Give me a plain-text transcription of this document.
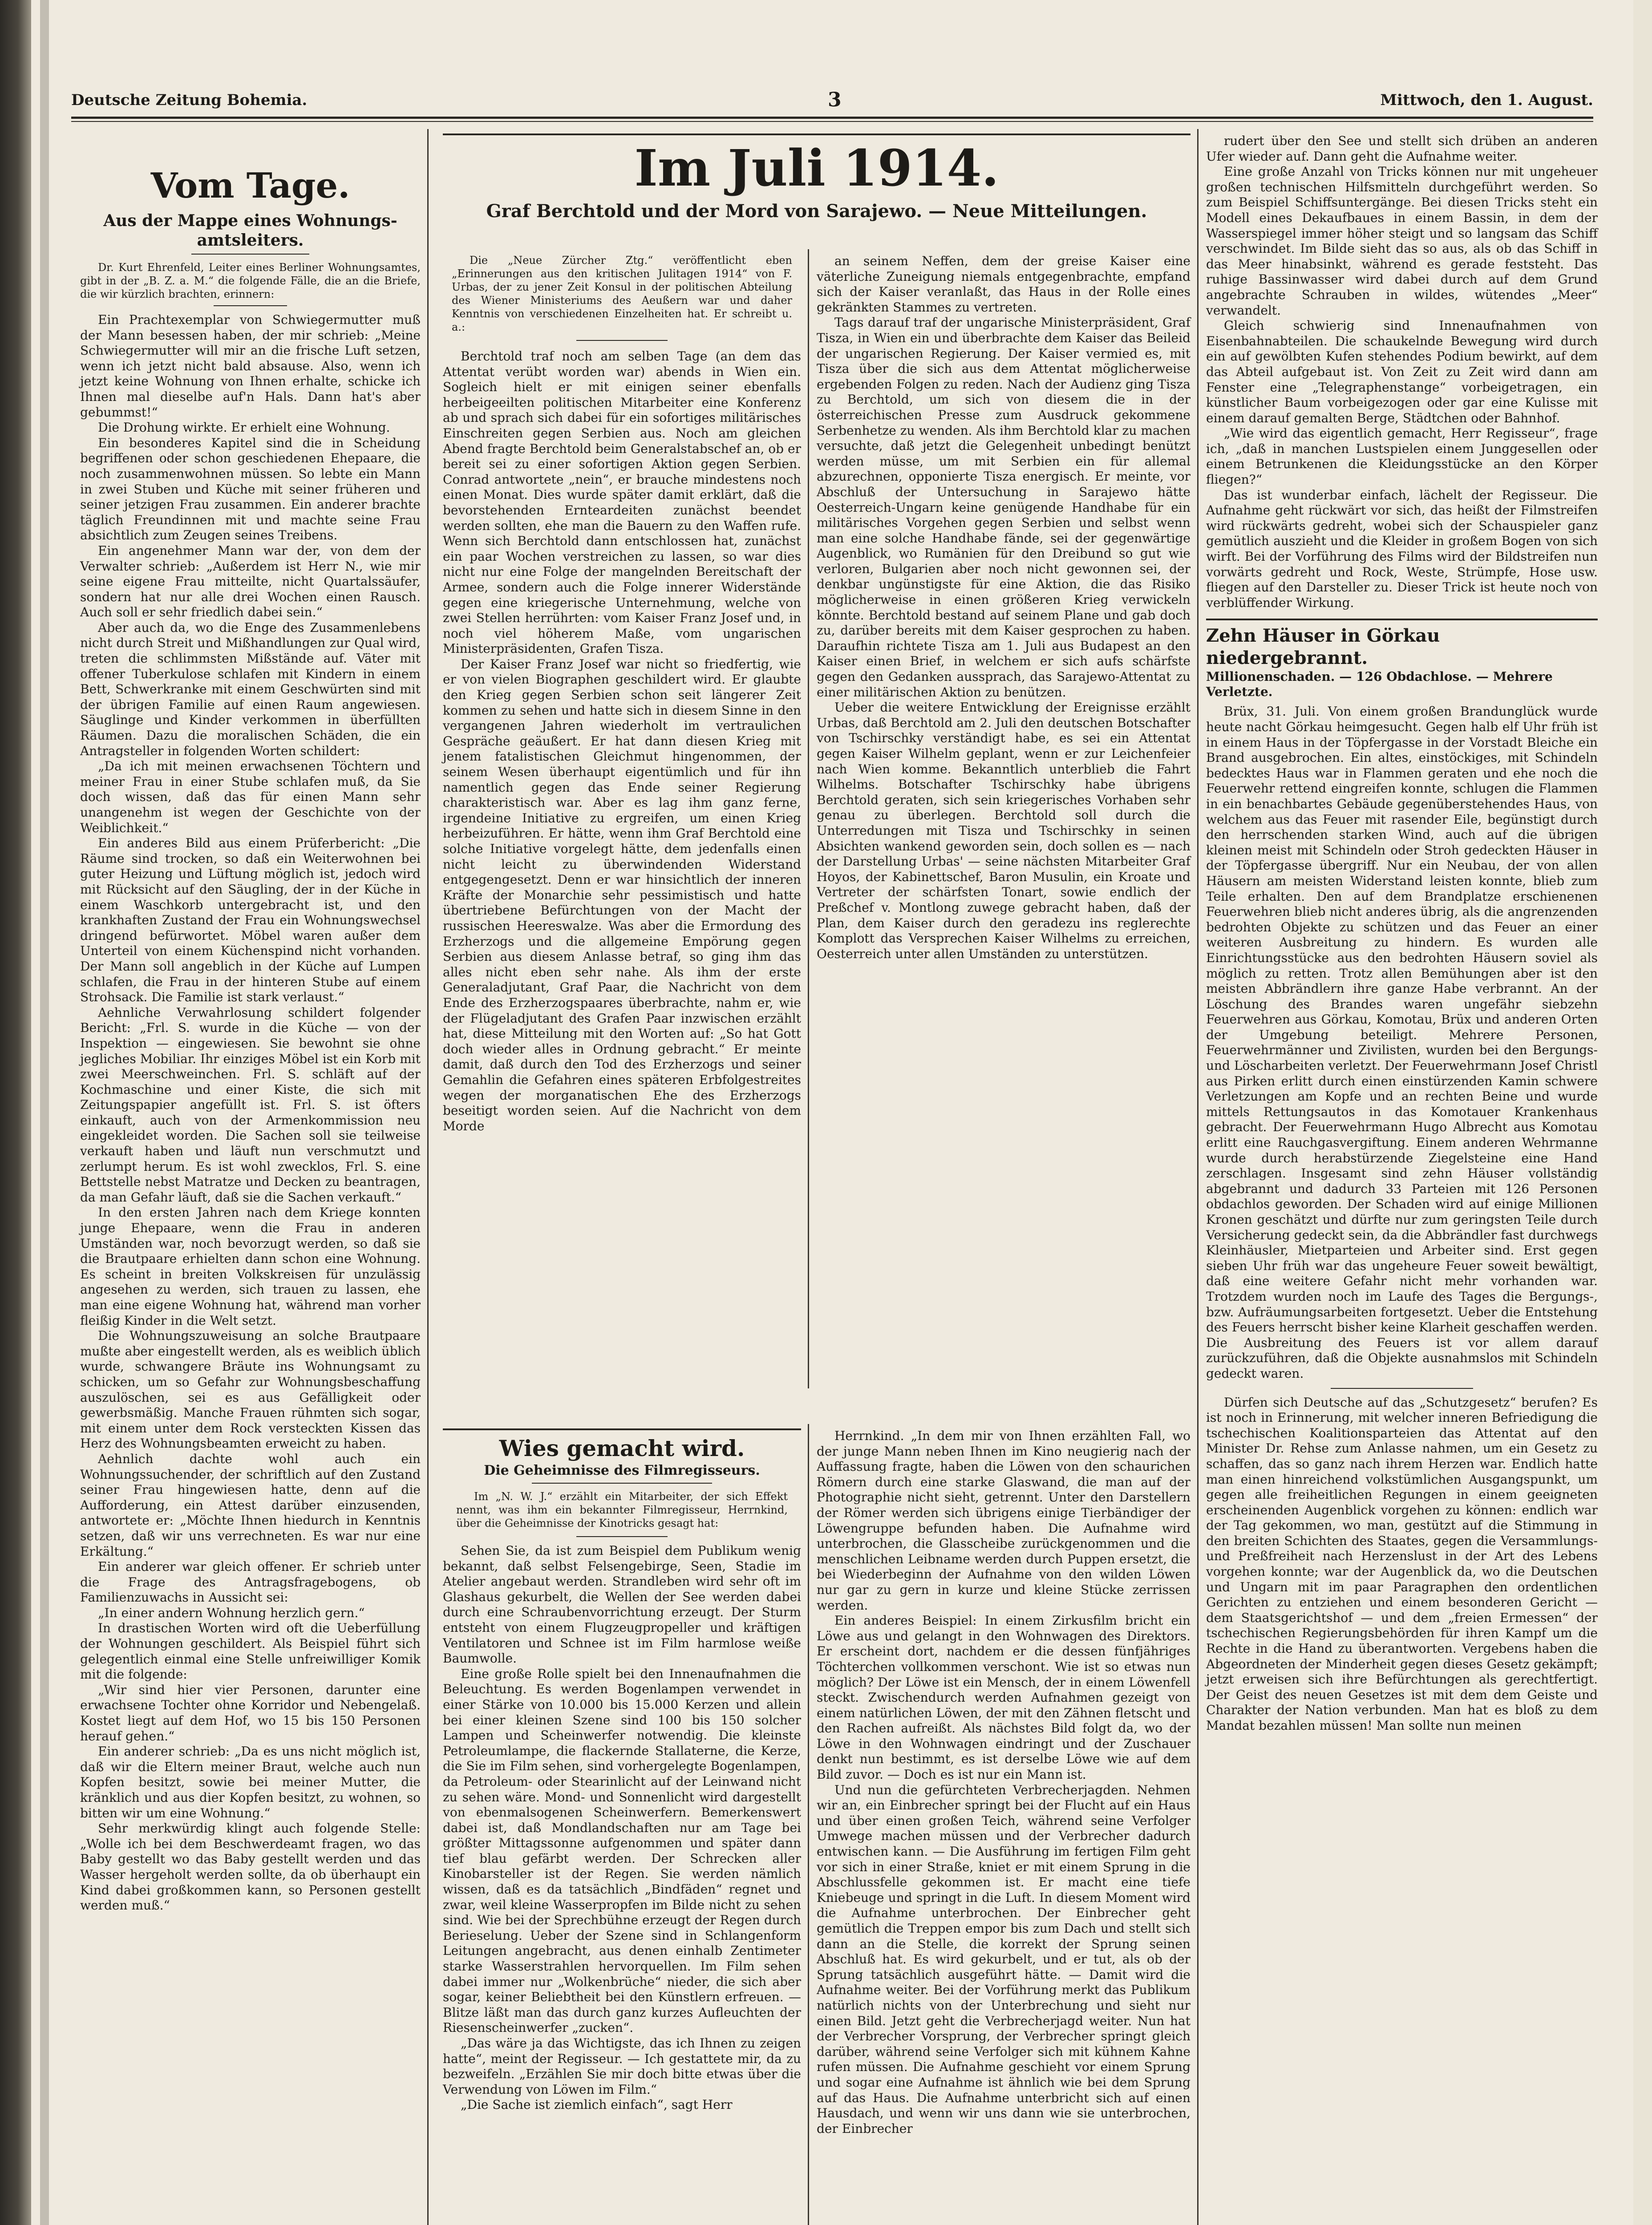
Deutsche Zeitung Bohemia.	3	Mittwoch, den 1. August.
Vom Tage.
Aus der Mappe eines Wohnungs- amtsleiters.

Dr. Kurt Ehrenfeld, Leiter eines Berliner Wohnungsamtes, gibt in der „B. Z. a. M.“ die folgende Fälle, die an die Briefe, die wir kürzlich brachten, erinnern:

Ein Prachtexemplar von Schwiegermutter muß der Mann besessen haben, der mir schrieb: „Meine Schwiegermutter will mir an die frische Luft setzen, wenn ich jetzt nicht bald absause. Also, wenn ich jetzt keine Wohnung von Ihnen erhalte, schicke ich Ihnen mal dieselbe auf'n Hals. Dann hat's aber gebummst!“

Die Drohung wirkte. Er erhielt eine Wohnung.

Ein besonderes Kapitel sind die in Scheidung begriffenen oder schon geschiedenen Ehepaare, die noch zusammenwohnen müssen. So lebte ein Mann in zwei Stuben und Küche mit seiner früheren und seiner jetzigen Frau zusammen. Ein anderer brachte täglich Freundinnen mit und machte seine Frau absichtlich zum Zeugen seines Treibens.

Ein angenehmer Mann war der, von dem der Verwalter schrieb: „Außerdem ist Herr N., wie mir seine eigene Frau mitteilte, nicht Quartalssäufer, sondern hat nur alle drei Wochen einen Rausch. Auch soll er sehr friedlich dabei sein.“

Aber auch da, wo die Enge des Zusammenlebens nicht durch Streit und Mißhandlungen zur Qual wird, treten die schlimmsten Mißstände auf. Väter mit offener Tuberkulose schlafen mit Kindern in einem Bett, Schwerkranke mit einem Geschwürten sind mit der übrigen Familie auf einen Raum angewiesen. Säuglinge und Kinder verkommen in überfüllten Räumen. Dazu die moralischen Schäden, die ein Antragsteller in folgenden Worten schildert:

„Da ich mit meinen erwachsenen Töchtern und meiner Frau in einer Stube schlafen muß, da Sie doch wissen, daß das für einen Mann sehr unangenehm ist wegen der Geschichte von der Weiblichkeit.“

Ein anderes Bild aus einem Prüferbericht: „Die Räume sind trocken, so daß ein Weiterwohnen bei guter Heizung und Lüftung möglich ist, jedoch wird mit Rücksicht auf den Säugling, der in der Küche in einem Waschkorb untergebracht ist, und den krankhaften Zustand der Frau ein Wohnungswechsel dringend befürwortet. Möbel waren außer dem Unterteil von einem Küchenspind nicht vorhanden. Der Mann soll angeblich in der Küche auf Lumpen schlafen, die Frau in der hinteren Stube auf einem Strohsack. Die Familie ist stark verlaust.“

Aehnliche Verwahrlosung schildert folgender Bericht: „Frl. S. wurde in die Küche — von der Inspektion — eingewiesen. Sie bewohnt sie ohne jegliches Mobiliar. Ihr einziges Möbel ist ein Korb mit zwei Meerschweinchen. Frl. S. schläft auf der Kochmaschine und einer Kiste, die sich mit Zeitungspapier angefüllt ist. Frl. S. ist öfters einkauft, auch von der Armenkommission neu eingekleidet worden. Die Sachen soll sie teilweise verkauft haben und läuft nun verschmutzt und zerlumpt herum. Es ist wohl zwecklos, Frl. S. eine Bettstelle nebst Matratze und Decken zu beantragen, da man Gefahr läuft, daß sie die Sachen verkauft.“

In den ersten Jahren nach dem Kriege konnten junge Ehepaare, wenn die Frau in anderen Umständen war, noch bevorzugt werden, so daß sie die Brautpaare erhielten dann schon eine Wohnung. Es scheint in breiten Volkskreisen für unzulässig angesehen zu werden, sich trauen zu lassen, ehe man eine eigene Wohnung hat, während man vorher fleißig Kinder in die Welt setzt.

Die Wohnungszuweisung an solche Brautpaare mußte aber eingestellt werden, als es weiblich üblich wurde, schwangere Bräute ins Wohnungsamt zu schicken, um so Gefahr zur Wohnungsbeschaffung auszulöschen, sei es aus Gefälligkeit oder gewerbsmäßig. Manche Frauen rühmten sich sogar, mit einem unter dem Rock versteckten Kissen das Herz des Wohnungsbeamten erweicht zu haben.

Aehnlich dachte wohl auch ein Wohnungssuchender, der schriftlich auf den Zustand seiner Frau hingewiesen hatte, denn auf die Aufforderung, ein Attest darüber einzusenden, antwortete er: „Möchte Ihnen hiedurch in Kenntnis setzen, daß wir uns verrechneten. Es war nur eine Erkältung.“

Ein anderer war gleich offener. Er schrieb unter die Frage des Antragsfragebogens, ob Familienzuwachs in Aussicht sei:

„In einer andern Wohnung herzlich gern.“

In drastischen Worten wird oft die Ueberfüllung der Wohnungen geschildert. Als Beispiel führt sich gelegentlich einmal eine Stelle unfreiwilliger Komik mit die folgende:

„Wir sind hier vier Personen, darunter eine erwachsene Tochter ohne Korridor und Nebengelaß. Kostet liegt auf dem Hof, wo 15 bis 150 Personen herauf gehen.“

Ein anderer schrieb: „Da es uns nicht möglich ist, daß wir die Eltern meiner Braut, welche auch nun Kopfen besitzt, sowie bei meiner Mutter, die kränklich und aus dier Kopfen besitzt, zu wohnen, so bitten wir um eine Wohnung.“

Sehr merkwürdig klingt auch folgende Stelle: „Wolle ich bei dem Beschwerdeamt fragen, wo das Baby gestellt wo das Baby gestellt werden und das Wasser hergeholt werden sollte, da ob überhaupt ein Kind dabei großkommen kann, so Personen gestellt werden muß.“

Im Juli 1914.
Graf Berchtold und der Mord von Sarajewo. — Neue Mitteilungen.

Die „Neue Zürcher Ztg.“ veröffentlicht eben „Erinnerungen aus den kritischen Julitagen 1914“ von F. Urbas, der zu jener Zeit Konsul in der politischen Abteilung des Wiener Ministeriums des Aeußern war und daher Kenntnis von verschiedenen Einzelheiten hat. Er schreibt u. a.:

Berchtold traf noch am selben Tage (an dem das Attentat verübt worden war) abends in Wien ein. Sogleich hielt er mit einigen seiner ebenfalls herbeigeeilten politischen Mitarbeiter eine Konferenz ab und sprach sich dabei für ein sofortiges militärisches Einschreiten gegen Serbien aus. Noch am gleichen Abend fragte Berchtold beim Generalstabschef an, ob er bereit sei zu einer sofortigen Aktion gegen Serbien. Conrad antwortete „nein“, er brauche mindestens noch einen Monat. Dies wurde später damit erklärt, daß die bevorstehenden Ernteardeiten zunächst beendet werden sollten, ehe man die Bauern zu den Waffen rufe. Wenn sich Berchtold dann entschlossen hat, zunächst ein paar Wochen verstreichen zu lassen, so war dies nicht nur eine Folge der mangelnden Bereitschaft der Armee, sondern auch die Folge innerer Widerstände gegen eine kriegerische Unternehmung, welche von zwei Stellen herrührten: vom Kaiser Franz Josef und, in noch viel höherem Maße, vom ungarischen Ministerpräsidenten, Grafen Tisza.

Der Kaiser Franz Josef war nicht so friedfertig, wie er von vielen Biographen geschildert wird. Er glaubte den Krieg gegen Serbien schon seit längerer Zeit kommen zu sehen und hatte sich in diesem Sinne in den vergangenen Jahren wiederholt im vertraulichen Gespräche geäußert. Er hat dann diesen Krieg mit jenem fatalistischen Gleichmut hingenommen, der seinem Wesen überhaupt eigentümlich und für ihn namentlich gegen das Ende seiner Regierung charakteristisch war. Aber es lag ihm ganz ferne, irgendeine Initiative zu ergreifen, um einen Krieg herbeizuführen. Er hätte, wenn ihm Graf Berchtold eine solche Initiative vorgelegt hätte, dem jedenfalls einen nicht leicht zu überwindenden Widerstand entgegengesetzt. Denn er war hinsichtlich der inneren Kräfte der Monarchie sehr pessimistisch und hatte übertriebene Befürchtungen von der Macht der russischen Heereswalze. Was aber die Ermordung des Erzherzogs und die allgemeine Empörung gegen Serbien aus diesem Anlasse betraf, so ging ihm das alles nicht eben sehr nahe. Als ihm der erste Generaladjutant, Graf Paar, die Nachricht von dem Ende des Erzherzogspaares überbrachte, nahm er, wie der Flügeladjutant des Grafen Paar inzwischen erzählt hat, diese Mitteilung mit den Worten auf: „So hat Gott doch wieder alles in Ordnung gebracht.“ Er meinte damit, daß durch den Tod des Erzherzogs und seiner Gemahlin die Gefahren eines späteren Erbfolgestreites wegen der morganatischen Ehe des Erzherzogs beseitigt worden seien. Auf die Nachricht von dem Morde

an seinem Neffen, dem der greise Kaiser eine väterliche Zuneigung niemals entgegenbrachte, empfand sich der Kaiser veranlaßt, das Haus in der Rolle eines gekränkten Stammes zu vertreten.

Tags darauf traf der ungarische Ministerpräsident, Graf Tisza, in Wien ein und überbrachte dem Kaiser das Beileid der ungarischen Regierung. Der Kaiser vermied es, mit Tisza über die sich aus dem Attentat möglicherweise ergebenden Folgen zu reden. Nach der Audienz ging Tisza zu Berchtold, um sich von diesem die in der österreichischen Presse zum Ausdruck gekommene Serbenhetze zu wenden. Als ihm Berchtold klar zu machen versuchte, daß jetzt die Gelegenheit unbedingt benützt werden müsse, um mit Serbien ein für allemal abzurechnen, opponierte Tisza energisch. Er meinte, vor Abschluß der Untersuchung in Sarajewo hätte Oesterreich-Ungarn keine genügende Handhabe für ein militärisches Vorgehen gegen Serbien und selbst wenn man eine solche Handhabe fände, sei der gegenwärtige Augenblick, wo Rumänien für den Dreibund so gut wie verloren, Bulgarien aber noch nicht gewonnen sei, der denkbar ungünstigste für eine Aktion, die das Risiko möglicherweise in einen größeren Krieg verwickeln könnte. Berchtold bestand auf seinem Plane und gab doch zu, darüber bereits mit dem Kaiser gesprochen zu haben. Daraufhin richtete Tisza am 1. Juli aus Budapest an den Kaiser einen Brief, in welchem er sich aufs schärfste gegen den Gedanken aussprach, das Sarajewo-Attentat zu einer militärischen Aktion zu benützen.

Ueber die weitere Entwicklung der Ereignisse erzählt Urbas, daß Berchtold am 2. Juli den deutschen Botschafter von Tschirschky verständigt habe, es sei ein Attentat gegen Kaiser Wilhelm geplant, wenn er zur Leichenfeier nach Wien komme. Bekanntlich unterblieb die Fahrt Wilhelms. Botschafter Tschirschky habe übrigens Berchtold geraten, sich sein kriegerisches Vorhaben sehr genau zu überlegen. Berchtold soll durch die Unterredungen mit Tisza und Tschirschky in seinen Absichten wankend geworden sein, doch sollen es — nach der Darstellung Urbas' — seine nächsten Mitarbeiter Graf Hoyos, der Kabinettschef, Baron Musulin, ein Kroate und Vertreter der schärfsten Tonart, sowie endlich der Preßchef v. Montlong zuwege gebracht haben, daß der Plan, dem Kaiser durch den geradezu ins reglerechte Komplott das Versprechen Kaiser Wilhelms zu erreichen, Oesterreich unter allen Umständen zu unterstützen.

Wies gemacht wird.
Die Geheimnisse des Filmregisseurs.

Im „N. W. J.“ erzählt ein Mitarbeiter, der sich Effekt nennt, was ihm ein bekannter Filmregisseur, Herrnkind, über die Geheimnisse der Kinotricks gesagt hat:

Sehen Sie, da ist zum Beispiel dem Publikum wenig bekannt, daß selbst Felsengebirge, Seen, Stadie im Atelier angebaut werden. Strandleben wird sehr oft im Glashaus gekurbelt, die Wellen der See werden dabei durch eine Schraubenvorrichtung erzeugt. Der Sturm entsteht von einem Flugzeugpropeller und kräftigen Ventilatoren und Schnee ist im Film harmlose weiße Baumwolle.

Eine große Rolle spielt bei den Innenaufnahmen die Beleuchtung. Es werden Bogenlampen verwendet in einer Stärke von 10.000 bis 15.000 Kerzen und allein bei einer kleinen Szene sind 100 bis 150 solcher Lampen und Scheinwerfer notwendig. Die kleinste Petroleumlampe, die flackernde Stallaterne, die Kerze, die Sie im Film sehen, sind vorhergelegte Bogenlampen, da Petroleum- oder Stearinlicht auf der Leinwand nicht zu sehen wäre. Mond- und Sonnenlicht wird dargestellt von ebenmalsogenen Scheinwerfern. Bemerkenswert dabei ist, daß Mondlandschaften nur am Tage bei größter Mittagssonne aufgenommen und später dann tief blau gefärbt werden. Der Schrecken aller Kinobarsteller ist der Regen. Sie werden nämlich wissen, daß es da tatsächlich „Bindfäden“ regnet und zwar, weil kleine Wasserpropfen im Bilde nicht zu sehen sind. Wie bei der Sprechbühne erzeugt der Regen durch Berieselung. Ueber der Szene sind in Schlangenform Leitungen angebracht, aus denen einhalb Zentimeter starke Wasserstrahlen hervorquellen. Im Film sehen dabei immer nur „Wolkenbrüche“ nieder, die sich aber sogar, keiner Beliebtheit bei den Künstlern erfreuen. — Blitze läßt man das durch ganz kurzes Aufleuchten der Riesenscheinwerfer „zucken“.

„Das wäre ja das Wichtigste, das ich Ihnen zu zeigen hatte“, meint der Regisseur. — Ich gestattete mir, da zu bezweifeln. „Erzählen Sie mir doch bitte etwas über die Verwendung von Löwen im Film.“

„Die Sache ist ziemlich einfach“, sagt Herr

Herrnkind. „In dem mir von Ihnen erzählten Fall, wo der junge Mann neben Ihnen im Kino neugierig nach der Auffassung fragte, haben die Löwen von den schaurichen Römern durch eine starke Glaswand, die man auf der Photographie nicht sieht, getrennt. Unter den Darstellern der Römer werden sich übrigens einige Tierbändiger der Löwengruppe befunden haben. Die Aufnahme wird unterbrochen, die Glasscheibe zurückgenommen und die menschlichen Leibname werden durch Puppen ersetzt, die bei Wiederbeginn der Aufnahme von den wilden Löwen nur gar zu gern in kurze und kleine Stücke zerrissen werden.

Ein anderes Beispiel: In einem Zirkusfilm bricht ein Löwe aus und gelangt in den Wohnwagen des Direktors. Er erscheint dort, nachdem er die dessen fünfjähriges Töchterchen vollkommen verschont. Wie ist so etwas nun möglich? Der Löwe ist ein Mensch, der in einem Löwenfell steckt. Zwischendurch werden Aufnahmen gezeigt von einem natürlichen Löwen, der mit den Zähnen fletscht und den Rachen aufreißt. Als nächstes Bild folgt da, wo der Löwe in den Wohnwagen eindringt und der Zuschauer denkt nun bestimmt, es ist derselbe Löwe wie auf dem Bild zuvor. — Doch es ist nur ein Mann ist.

Und nun die gefürchteten Verbrecherjagden. Nehmen wir an, ein Einbrecher springt bei der Flucht auf ein Haus und über einen großen Teich, während seine Verfolger Umwege machen müssen und der Verbrecher dadurch entwischen kann. — Die Ausführung im fertigen Film geht vor sich in einer Straße, kniet er mit einem Sprung in die Abschlussfelle gekommen ist. Er macht eine tiefe Kniebeuge und springt in die Luft. In diesem Moment wird die Aufnahme unterbrochen. Der Einbrecher geht gemütlich die Treppen empor bis zum Dach und stellt sich dann an die Stelle, die korrekt der Sprung seinen Abschluß hat. Es wird gekurbelt, und er tut, als ob der Sprung tatsächlich ausgeführt hätte. — Damit wird die Aufnahme weiter. Bei der Vorführung merkt das Publikum natürlich nichts von der Unterbrechung und sieht nur einen Bild. Jetzt geht die Verbrecherjagd weiter. Nun hat der Verbrecher Vorsprung, der Verbrecher springt gleich darüber, während seine Verfolger sich mit kühnem Kahne rufen müssen. Die Aufnahme geschieht vor einem Sprung und sogar eine Aufnahme ist ähnlich wie bei dem Sprung auf das Haus. Die Aufnahme unterbricht sich auf einen Hausdach, und wenn wir uns dann wie sie unterbrochen, der Einbrecher

rudert über den See und stellt sich drüben an anderen Ufer wieder auf. Dann geht die Aufnahme weiter.

Eine große Anzahl von Tricks können nur mit ungeheuer großen technischen Hilfsmitteln durchgeführt werden. So zum Beispiel Schiffsuntergänge. Bei diesen Tricks steht ein Modell eines Dekaufbaues in einem Bassin, in dem der Wasserspiegel immer höher steigt und so langsam das Schiff verschwindet. Im Bilde sieht das so aus, als ob das Schiff in das Meer hinabsinkt, während es gerade feststeht. Das ruhige Bassinwasser wird dabei durch auf dem Grund angebrachte Schrauben in wildes, wütendes „Meer“ verwandelt.

Gleich schwierig sind Innenaufnahmen von Eisenbahnabteilen. Die schaukelnde Bewegung wird durch ein auf gewölbten Kufen stehendes Podium bewirkt, auf dem das Abteil aufgebaut ist. Von Zeit zu Zeit wird dann am Fenster eine „Telegraphenstange“ vorbeigetragen, ein künstlicher Baum vorbeigezogen oder gar eine Kulisse mit einem darauf gemalten Berge, Städtchen oder Bahnhof.

„Wie wird das eigentlich gemacht, Herr Regisseur“, frage ich, „daß in manchen Lustspielen einem Junggesellen oder einem Betrunkenen die Kleidungsstücke an den Körper fliegen?“

Das ist wunderbar einfach, lächelt der Regisseur. Die Aufnahme geht rückwärt vor sich, das heißt der Filmstreifen wird rückwärts gedreht, wobei sich der Schauspieler ganz gemütlich auszieht und die Kleider in großem Bogen von sich wirft. Bei der Vorführung des Films wird der Bildstreifen nun vorwärts gedreht und Rock, Weste, Strümpfe, Hose usw. fliegen auf den Darsteller zu. Dieser Trick ist heute noch von verblüffender Wirkung.

Zehn Häuser in Görkau niedergebrannt.
Millionenschaden. — 126 Obdachlose. — Mehrere Verletzte.

Brüx, 31. Juli. Von einem großen Brandunglück wurde heute nacht Görkau heimgesucht. Gegen halb elf Uhr früh ist in einem Haus in der Töpfergasse in der Vorstadt Bleiche ein Brand ausgebrochen. Ein altes, einstöckiges, mit Schindeln bedecktes Haus war in Flammen geraten und ehe noch die Feuerwehr rettend eingreifen konnte, schlugen die Flammen in ein benachbartes Gebäude gegenüberstehendes Haus, von welchem aus das Feuer mit rasender Eile, begünstigt durch den herrschenden starken Wind, auch auf die übrigen kleinen meist mit Schindeln oder Stroh gedeckten Häuser in der Töpfergasse übergriff. Nur ein Neubau, der von allen Häusern am meisten Widerstand leisten konnte, blieb zum Teile erhalten. Den auf dem Brandplatze erschienenen Feuerwehren blieb nicht anderes übrig, als die angrenzenden bedrohten Objekte zu schützen und das Feuer an einer weiteren Ausbreitung zu hindern. Es wurden alle Einrichtungsstücke aus den bedrohten Häusern soviel als möglich zu retten. Trotz allen Bemühungen aber ist den meisten Abbrändlern ihre ganze Habe verbrannt. An der Löschung des Brandes waren ungefähr siebzehn Feuerwehren aus Görkau, Komotau, Brüx und anderen Orten der Umgebung beteiligt. Mehrere Personen, Feuerwehrmänner und Zivilisten, wurden bei den Bergungs- und Löscharbeiten verletzt. Der Feuerwehrmann Josef Christl aus Pirken erlitt durch einen einstürzenden Kamin schwere Verletzungen am Kopfe und an rechten Beine und wurde mittels Rettungsautos in das Komotauer Krankenhaus gebracht. Der Feuerwehrmann Hugo Albrecht aus Komotau erlitt eine Rauchgasvergiftung. Einem anderen Wehrmanne wurde durch herabstürzende Ziegelsteine eine Hand zerschlagen. Insgesamt sind zehn Häuser vollständig abgebrannt und dadurch 33 Parteien mit 126 Personen obdachlos geworden. Der Schaden wird auf einige Millionen Kronen geschätzt und dürfte nur zum geringsten Teile durch Versicherung gedeckt sein, da die Abbrändler fast durchwegs Kleinhäusler, Mietparteien und Arbeiter sind. Erst gegen sieben Uhr früh war das ungeheure Feuer soweit bewältigt, daß eine weitere Gefahr nicht mehr vorhanden war. Trotzdem wurden noch im Laufe des Tages die Bergungs-, bzw. Aufräumungsarbeiten fortgesetzt. Ueber die Entstehung des Feuers herrscht bisher keine Klarheit geschaffen werden. Die Ausbreitung des Feuers ist vor allem darauf zurückzuführen, daß die Objekte ausnahmslos mit Schindeln gedeckt waren.

Dürfen sich Deutsche auf das „Schutzgesetz“ berufen? Es ist noch in Erinnerung, mit welcher inneren Befriedigung die tschechischen Koalitionsparteien das Attentat auf den Minister Dr. Rehse zum Anlasse nahmen, um ein Gesetz zu schaffen, das so ganz nach ihrem Herzen war. Endlich hatte man einen hinreichend volkstümlichen Ausgangspunkt, um gegen alle freiheitlichen Regungen in einem geeigneten erscheinenden Augenblick vorgehen zu können: endlich war der Tag gekommen, wo man, gestützt auf die Stimmung in den breiten Schichten des Staates, gegen die Versammlungs- und Preßfreiheit nach Herzenslust in der Art des Lebens vorgehen konnte; war der Augenblick da, wo die Deutschen und Ungarn mit im paar Paragraphen den ordentlichen Gerichten zu entziehen und einem besonderen Gericht — dem Staatsgerichtshof — und dem „freien Ermessen“ der tschechischen Regierungsbehörden für ihren Kampf um die Rechte in die Hand zu überantworten. Vergebens haben die Abgeordneten der Minderheit gegen dieses Gesetz gekämpft; jetzt erweisen sich ihre Befürchtungen als gerechtfertigt. Der Geist des neuen Gesetzes ist mit dem dem Geiste und Charakter der Nation verbunden. Man hat es bloß zu dem Mandat bezahlen müssen! Man sollte nun meinen
